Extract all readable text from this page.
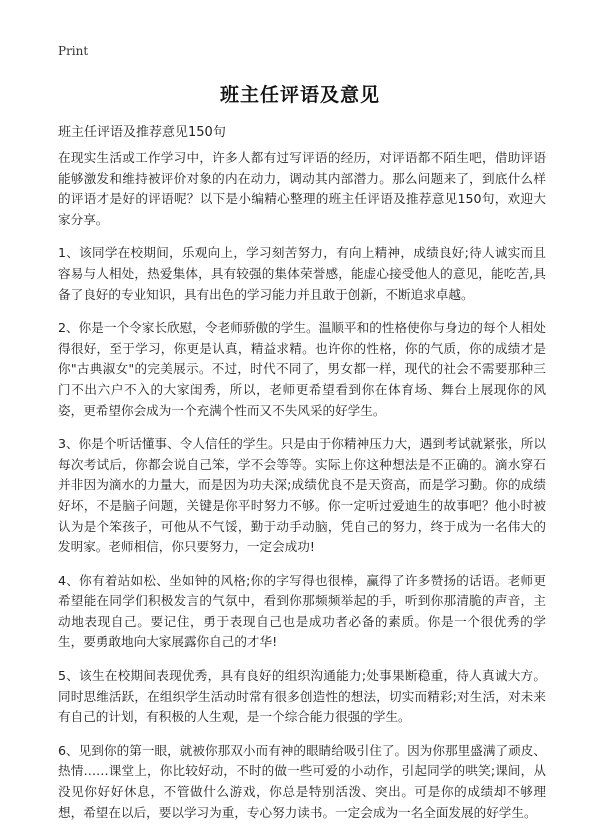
Print
班主任评语及意见

班主任评语及推荐意见150句

在现实生活或工作学习中，许多人都有过写评语的经历，对评语都不陌生吧，借助评语能够激发和维持被评价对象的内在动力，调动其内部潜力。那么问题来了，到底什么样的评语才是好的评语呢？以下是小编精心整理的班主任评语及推荐意见150句，欢迎大家分享。

1、该同学在校期间，乐观向上，学习刻苦努力，有向上精神，成绩良好;待人诚实而且容易与人相处，热爱集体，具有较强的集体荣誉感，能虚心接受他人的意见，能吃苦,具备了良好的专业知识，具有出色的学习能力并且敢于创新，不断追求卓越。

2、你是一个令家长欣慰，令老师骄傲的学生。温顺平和的性格使你与身边的每个人相处得很好，至于学习，你更是认真，精益求精。也许你的性格，你的气质，你的成绩才是你"古典淑女"的完美展示。不过，时代不同了，男女都一样，现代的社会不需要那种三门不出六户不入的大家闺秀，所以，老师更希望看到你在体育场、舞台上展现你的风姿，更希望你会成为一个充满个性而又不失风采的好学生。

3、你是个听话懂事、令人信任的学生。只是由于你精神压力大，遇到考试就紧张，所以每次考试后，你都会说自己笨，学不会等等。实际上你这种想法是不正确的。滴水穿石并非因为滴水的力量大，而是因为功夫深;成绩优良不是天资高，而是学习勤。你的成绩好坏，不是脑子问题，关键是你平时努力不够。你一定听过爱迪生的故事吧？他小时被认为是个笨孩子，可他从不气馁，勤于动手动脑，凭自己的努力，终于成为一名伟大的发明家。老师相信，你只要努力，一定会成功!

4、你有着站如松、坐如钟的风格;你的字写得也很棒，赢得了许多赞扬的话语。老师更希望能在同学们积极发言的气氛中，看到你那频频举起的手，听到你那清脆的声音，主动地表现自己。要记住，勇于表现自己也是成功者必备的素质。你是一个很优秀的学生，要勇敢地向大家展露你自己的才华!

5、该生在校期间表现优秀，具有良好的组织沟通能力;处事果断稳重，待人真诚大方。同时思维活跃，在组织学生活动时常有很多创造性的想法，切实而精彩;对生活，对未来有自己的计划，有积极的人生观，是一个综合能力很强的学生。

6、见到你的第一眼，就被你那双小而有神的眼睛给吸引住了。因为你那里盛满了顽皮、热情……课堂上，你比较好动，不时的做一些可爱的小动作，引起同学的哄笑;课间，从没见你好好休息，不管做什么游戏，你总是特别活泼、突出。可是你的成绩却不够理想，希望在以后，要以学习为重，专心努力读书。一定会成为一名全面发展的好学生。
